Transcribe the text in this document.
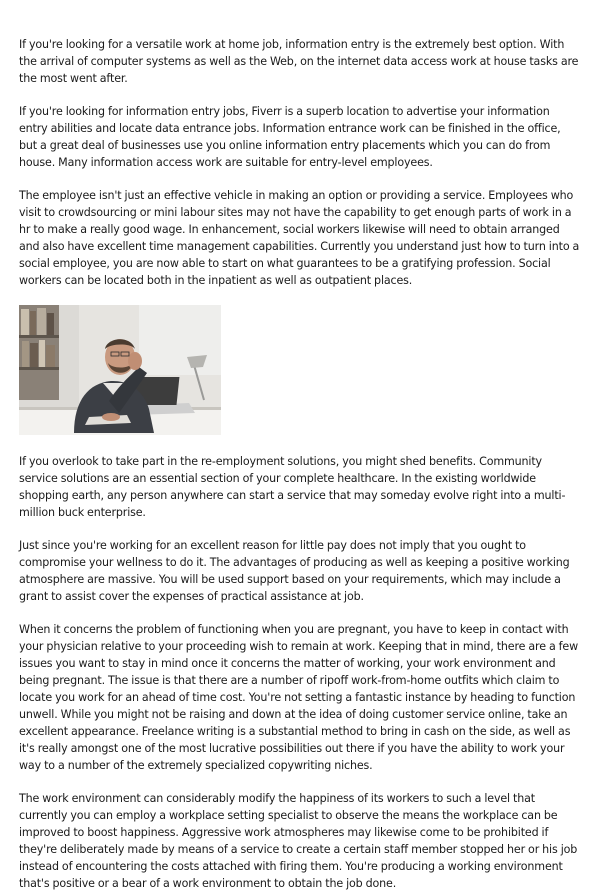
If you're looking for a versatile work at home job, information entry is the extremely best option. With the arrival of computer systems as well as the Web, on the internet data access work at house tasks are the most went after.

If you're looking for information entry jobs, Fiverr is a superb location to advertise your information entry abilities and locate data entrance jobs. Information entrance work can be finished in the office, but a great deal of businesses use you online information entry placements which you can do from house. Many information access work are suitable for entry-level employees.

The employee isn't just an effective vehicle in making an option or providing a service. Employees who visit to crowdsourcing or mini labour sites may not have the capability to get enough parts of work in a hr to make a really good wage. In enhancement, social workers likewise will need to obtain arranged and also have excellent time management capabilities. Currently you understand just how to turn into a social employee, you are now able to start on what guarantees to be a gratifying profession. Social workers can be located both in the inpatient as well as outpatient places.

If you overlook to take part in the re-employment solutions, you might shed benefits. Community service solutions are an essential section of your complete healthcare. In the existing worldwide shopping earth, any person anywhere can start a service that may someday evolve right into a multi-million buck enterprise.

Just since you're working for an excellent reason for little pay does not imply that you ought to compromise your wellness to do it. The advantages of producing as well as keeping a positive working atmosphere are massive. You will be used support based on your requirements, which may include a grant to assist cover the expenses of practical assistance at job.

When it concerns the problem of functioning when you are pregnant, you have to keep in contact with your physician relative to your proceeding wish to remain at work. Keeping that in mind, there are a few issues you want to stay in mind once it concerns the matter of working, your work environment and being pregnant. The issue is that there are a number of ripoff work-from-home outfits which claim to locate you work for an ahead of time cost. You're not setting a fantastic instance by heading to function unwell. While you might not be raising and down at the idea of doing customer service online, take an excellent appearance. Freelance writing is a substantial method to bring in cash on the side, as well as it's really amongst one of the most lucrative possibilities out there if you have the ability to work your way to a number of the extremely specialized copywriting niches.

The work environment can considerably modify the happiness of its workers to such a level that currently you can employ a workplace setting specialist to observe the means the workplace can be improved to boost happiness. Aggressive work atmospheres may likewise come to be prohibited if they're deliberately made by means of a service to create a certain staff member stopped her or his job instead of encountering the costs attached with firing them. You're producing a working environment that's positive or a bear of a work environment to obtain the job done.
